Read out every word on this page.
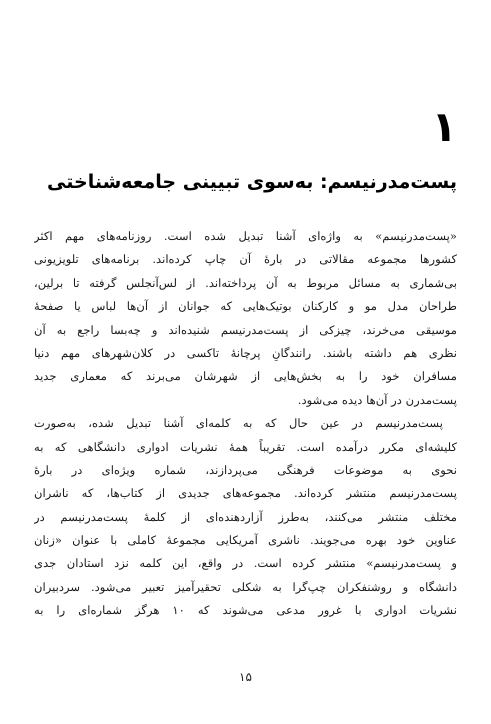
۱
پست‌مدرنیسم: به‌سوی تبیینی جامعه‌شناختی
«پست‌مدرنیسم» به واژه‌ای آشنا تبدیل شده است. روزنامه‌های مهم اکثر
کشورها مجموعه مقالاتی در بارهٔ آن چاپ کرده‌اند. برنامه‌های تلویزیونی
بی‌شماری به مسائل مربوط به آن پرداخته‌اند. از لس‌آنجلس گرفته تا برلین،
طراحان مدل مو و کارکنان بوتیک‌هایی که جوانان از آن‌ها لباس یا صفحهٔ
موسیقی می‌خرند، چیزکی از پست‌مدرنیسم شنیده‌اند و چه‌بسا راجع به آن
نظری هم داشته باشند. رانندگانِ پرچانهٔ تاکسی در کلان‌شهرهای مهم دنیا
مسافران خود را به بخش‌هایی از شهرشان می‌برند که معماری جدید
پست‌مدرن در آن‌ها دیده می‌شود.
پست‌مدرنیسم در عین حال که به کلمه‌ای آشنا تبدیل شده، به‌صورت
کلیشه‌ای مکرر درآمده است. تقریباً همهٔ نشریات ادواری دانشگاهی که به
نحوی به موضوعات فرهنگی می‌پردازند، شماره ویژه‌ای در بارهٔ
پست‌مدرنیسم منتشر کرده‌اند. مجموعه‌های جدیدی از کتاب‌ها، که ناشران
مختلف منتشر می‌کنند، به‌طرز آزاردهنده‌ای از کلمهٔ پست‌مدرنیسم در
عناوین خود بهره می‌جویند. ناشری آمریکایی مجموعهٔ کاملی با عنوان «زنان
و پست‌مدرنیسم» منتشر کرده است. در واقع، این کلمه نزد استادان جدی
دانشگاه و روشنفکران چپ‌گرا به شکلی تحقیرآمیز تعبیر می‌شود. سردبیران
نشریات ادواری با غرور مدعی می‌شوند که ۱۰ هرگز شماره‌ای را به
۱۵
